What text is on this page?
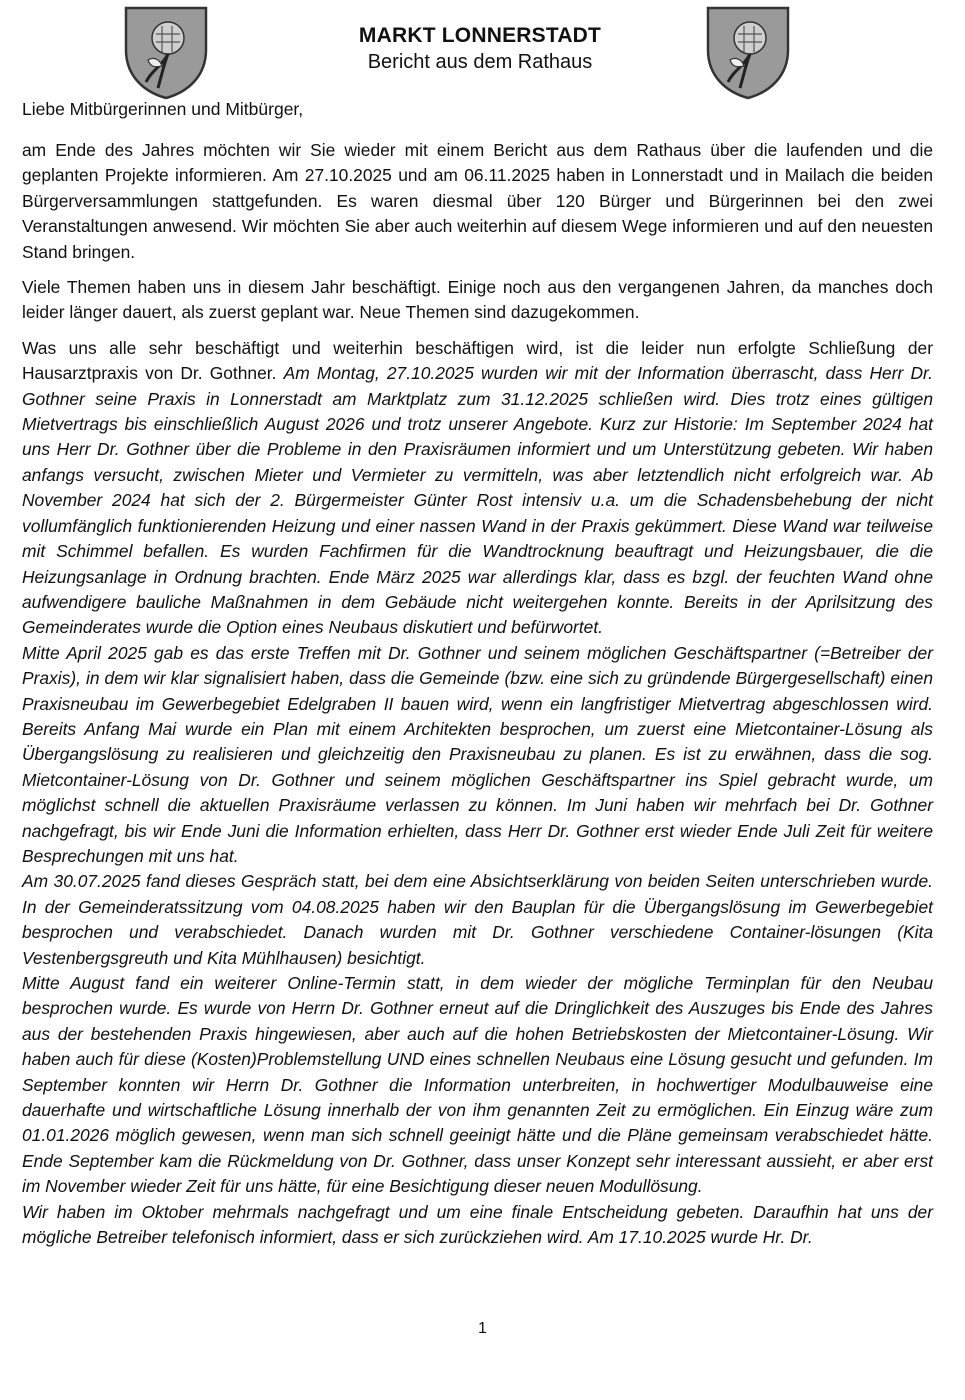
MARKT LONNERSTADT
Bericht aus dem Rathaus
Liebe Mitbürgerinnen und Mitbürger,

am Ende des Jahres möchten wir Sie wieder mit einem Bericht aus dem Rathaus über die laufenden und die geplanten Projekte informieren. Am 27.10.2025 und am 06.11.2025 haben in Lonnerstadt und in Mailach die beiden Bürgerversammlungen stattgefunden. Es waren diesmal über 120 Bürger und Bürgerinnen bei den zwei Veranstaltungen anwesend. Wir möchten Sie aber auch weiterhin auf diesem Wege informieren und auf den neuesten Stand bringen.

Viele Themen haben uns in diesem Jahr beschäftigt. Einige noch aus den vergangenen Jahren, da manches doch leider länger dauert, als zuerst geplant war. Neue Themen sind dazugekommen.

Was uns alle sehr beschäftigt und weiterhin beschäftigen wird, ist die leider nun erfolgte Schließung der Hausarztpraxis von Dr. Gothner. Am Montag, 27.10.2025 wurden wir mit der Information überrascht, dass Herr Dr. Gothner seine Praxis in Lonnerstadt am Marktplatz zum 31.12.2025 schließen wird. Dies trotz eines gültigen Mietvertrags bis einschließlich August 2026 und trotz unserer Angebote. Kurz zur Historie: Im September 2024 hat uns Herr Dr. Gothner über die Probleme in den Praxisräumen informiert und um Unterstützung gebeten. Wir haben anfangs versucht, zwischen Mieter und Vermieter zu vermitteln, was aber letztendlich nicht erfolgreich war. Ab November 2024 hat sich der 2. Bürgermeister Günter Rost intensiv u.a. um die Schadensbehebung der nicht vollumfänglich funktionierenden Heizung und einer nassen Wand in der Praxis gekümmert. Diese Wand war teilweise mit Schimmel befallen. Es wurden Fachfirmen für die Wandtrocknung beauftragt und Heizungsbauer, die die Heizungsanlage in Ordnung brachten. Ende März 2025 war allerdings klar, dass es bzgl. der feuchten Wand ohne aufwendigere bauliche Maßnahmen in dem Gebäude nicht weitergehen konnte. Bereits in der Aprilsitzung des Gemeinderates wurde die Option eines Neubaus diskutiert und befürwortet.

Mitte April 2025 gab es das erste Treffen mit Dr. Gothner und seinem möglichen Geschäftspartner (=Betreiber der Praxis), in dem wir klar signalisiert haben, dass die Gemeinde (bzw. eine sich zu gründende Bürgergesellschaft) einen Praxisneubau im Gewerbegebiet Edelgraben II bauen wird, wenn ein langfristiger Mietvertrag abgeschlossen wird. Bereits Anfang Mai wurde ein Plan mit einem Architekten besprochen, um zuerst eine Mietcontainer-Lösung als Übergangslösung zu realisieren und gleichzeitig den Praxisneubau zu planen. Es ist zu erwähnen, dass die sog. Mietcontainer-Lösung von Dr. Gothner und seinem möglichen Geschäftspartner ins Spiel gebracht wurde, um möglichst schnell die aktuellen Praxisräume verlassen zu können. Im Juni haben wir mehrfach bei Dr. Gothner nachgefragt, bis wir Ende Juni die Information erhielten, dass Herr Dr. Gothner erst wieder Ende Juli Zeit für weitere Besprechungen mit uns hat.

Am 30.07.2025 fand dieses Gespräch statt, bei dem eine Absichtserklärung von beiden Seiten unterschrieben wurde. In der Gemeinderatssitzung vom 04.08.2025 haben wir den Bauplan für die Übergangslösung im Gewerbegebiet besprochen und verabschiedet. Danach wurden mit Dr. Gothner verschiedene Container-lösungen (Kita Vestenbergsgreuth und Kita Mühlhausen) besichtigt.

Mitte August fand ein weiterer Online-Termin statt, in dem wieder der mögliche Terminplan für den Neubau besprochen wurde. Es wurde von Herrn Dr. Gothner erneut auf die Dringlichkeit des Auszuges bis Ende des Jahres aus der bestehenden Praxis hingewiesen, aber auch auf die hohen Betriebskosten der Mietcontainer-Lösung. Wir haben auch für diese (Kosten)Problemstellung UND eines schnellen Neubaus eine Lösung gesucht und gefunden. Im September konnten wir Herrn Dr. Gothner die Information unterbreiten, in hochwertiger Modulbauweise eine dauerhafte und wirtschaftliche Lösung innerhalb der von ihm genannten Zeit zu ermöglichen. Ein Einzug wäre zum 01.01.2026 möglich gewesen, wenn man sich schnell geeinigt hätte und die Pläne gemeinsam verabschiedet hätte. Ende September kam die Rückmeldung von Dr. Gothner, dass unser Konzept sehr interessant aussieht, er aber erst im November wieder Zeit für uns hätte, für eine Besichtigung dieser neuen Modullösung.

Wir haben im Oktober mehrmals nachgefragt und um eine finale Entscheidung gebeten. Daraufhin hat uns der mögliche Betreiber telefonisch informiert, dass er sich zurückziehen wird. Am 17.10.2025 wurde Hr. Dr.

1
